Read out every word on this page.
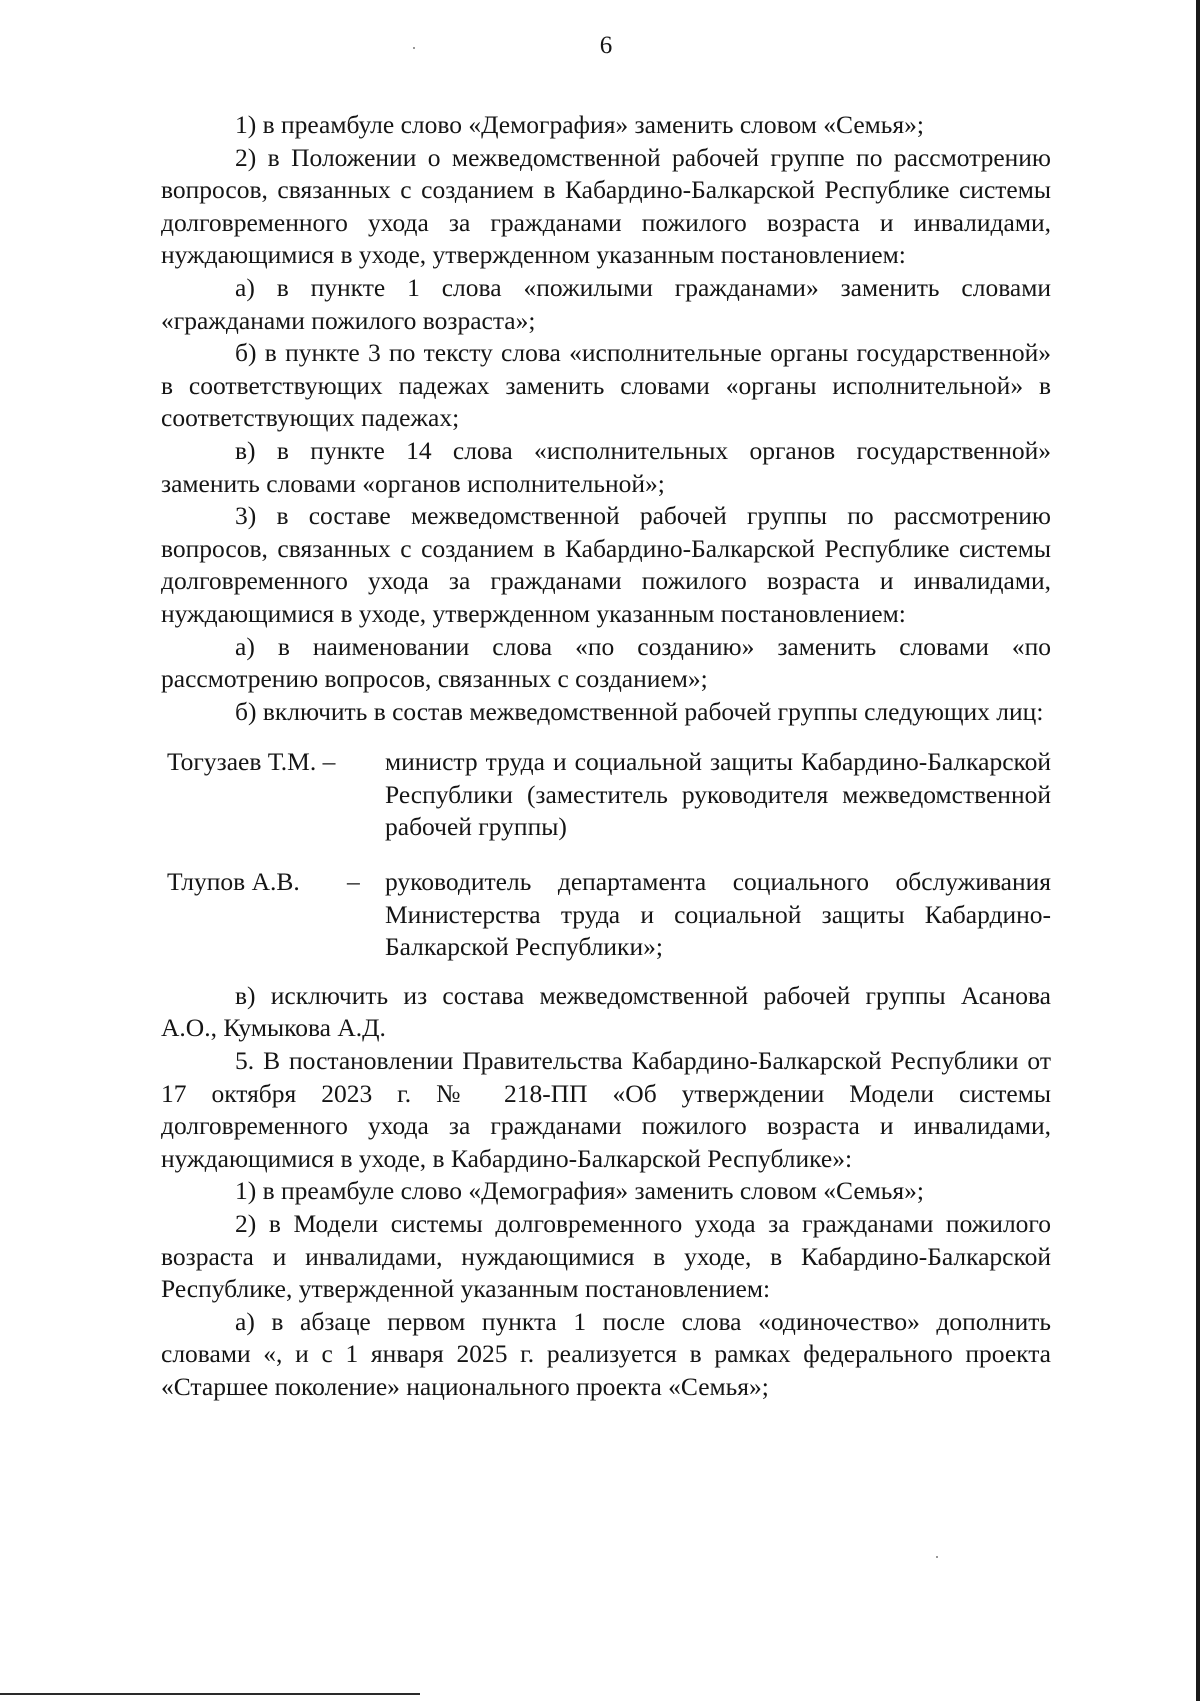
6

1) в преамбуле слово «Демография» заменить словом «Семья»;

2) в Положении о межведомственной рабочей группе по рассмотрению вопросов, связанных с созданием в Кабардино-Балкарской Республике системы долговременного ухода за гражданами пожилого возраста и инвалидами, нуждающимися в уходе, утвержденном указанным постановлением:

а) в пункте 1 слова «пожилыми гражданами» заменить словами «гражданами пожилого возраста»;

б) в пункте 3 по тексту слова «исполнительные органы государственной» в соответствующих падежах заменить словами «органы исполнительной» в соответствующих падежах;

в) в пункте 14 слова «исполнительных органов государственной» заменить словами «органов исполнительной»;

3) в составе межведомственной рабочей группы по рассмотрению вопросов, связанных с созданием в Кабардино-Балкарской Республике системы долговременного ухода за гражданами пожилого возраста и инвалидами, нуждающимися в уходе, утвержденном указанным постановлением:

а) в наименовании слова «по созданию» заменить словами «по рассмотрению вопросов, связанных с созданием»;

б) включить в состав межведомственной рабочей группы следующих лиц:

Тогузаев Т.М. –	министр труда и социальной защиты Кабардино-Балкарской Республики (заместитель руководителя межведомственной рабочей группы)
Тлупов А.В.	– руководитель департамента социального обслуживания Министерства труда и социальной защиты Кабардино-Балкарской Республики»;

в) исключить из состава межведомственной рабочей группы Асанова А.О., Кумыкова А.Д.

5. В постановлении Правительства Кабардино-Балкарской Республики от 17 октября 2023 г. № 218-ПП «Об утверждении Модели системы долговременного ухода за гражданами пожилого возраста и инвалидами, нуждающимися в уходе, в Кабардино-Балкарской Республике»:

1) в преамбуле слово «Демография» заменить словом «Семья»;

2) в Модели системы долговременного ухода за гражданами пожилого возраста и инвалидами, нуждающимися в уходе, в Кабардино-Балкарской Республике, утвержденной указанным постановлением:

а) в абзаце первом пункта 1 после слова «одиночество» дополнить словами «, и с 1 января 2025 г. реализуется в рамках федерального проекта «Старшее поколение» национального проекта «Семья»;
